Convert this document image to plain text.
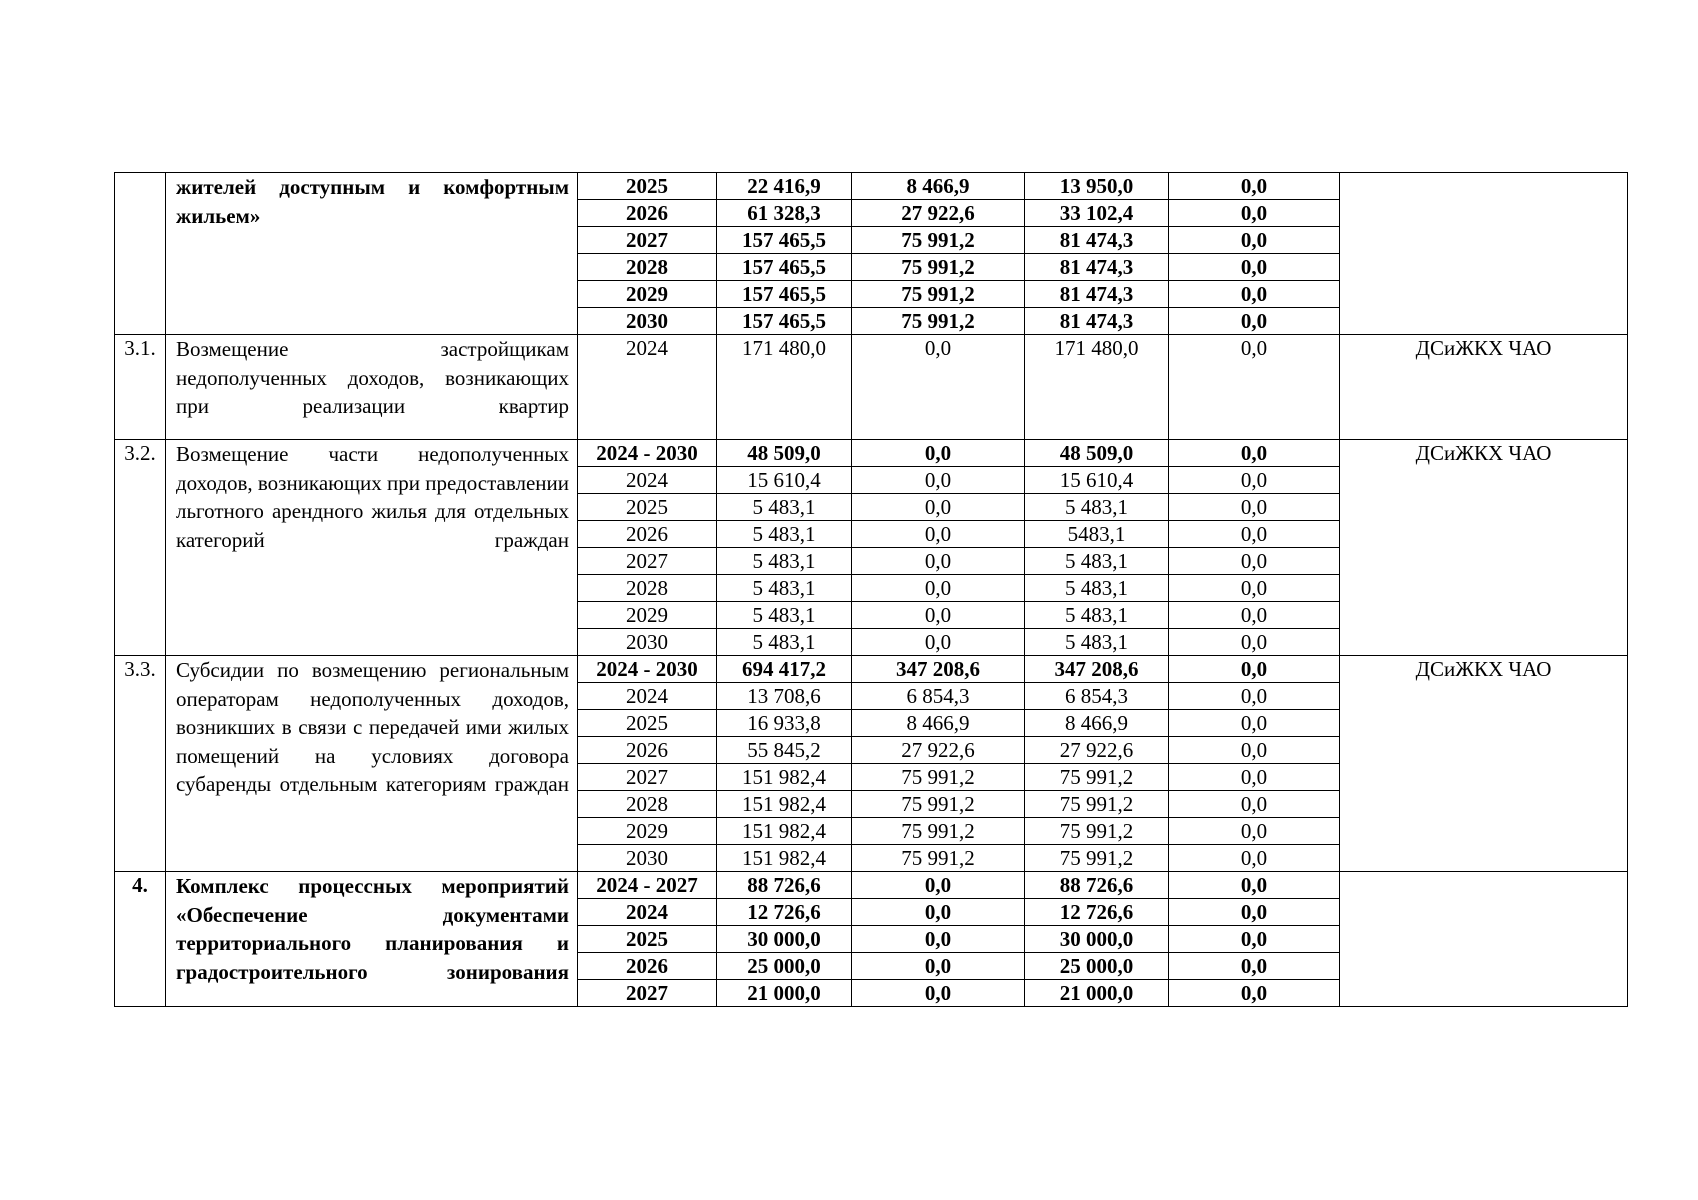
	жителей доступным и комфортным жильем»	2025	22 416,9	8 466,9	13 950,0	0,0	
		2026	61 328,3	27 922,6	33 102,4	0,0	
		2027	157 465,5	75 991,2	81 474,3	0,0	
		2028	157 465,5	75 991,2	81 474,3	0,0	
		2029	157 465,5	75 991,2	81 474,3	0,0	
		2030	157 465,5	75 991,2	81 474,3	0,0	
3.1.	Возмещение застройщикам недополученных доходов, возникающих при реализации квартир	2024	171 480,0	0,0	171 480,0	0,0	ДСиЖКХ ЧАО

3.2.	Возмещение части недополученных доходов, возникающих при предоставлении льготного арендного жилья для отдельных категорий граждан	2024 - 2030	48 509,0	0,0	48 509,0	0,0	ДСиЖКХ ЧАО
		2024	15 610,4	0,0	15 610,4	0,0	
		2025	5 483,1	0,0	5 483,1	0,0	
		2026	5 483,1	0,0	5483,1	0,0	
		2027	5 483,1	0,0	5 483,1	0,0	
		2028	5 483,1	0,0	5 483,1	0,0	
		2029	5 483,1	0,0	5 483,1	0,0	
		2030	5 483,1	0,0	5 483,1	0,0	
3.3.	Субсидии по возмещению региональным операторам недополученных доходов, возникших в связи с передачей ими жилых помещений на условиях договора субаренды отдельным категориям граждан	2024 - 2030	694 417,2	347 208,6	347 208,6	0,0	ДСиЖКХ ЧАО
		2024	13 708,6	6 854,3	6 854,3	0,0	
		2025	16 933,8	8 466,9	8 466,9	0,0	
		2026	55 845,2	27 922,6	27 922,6	0,0	
		2027	151 982,4	75 991,2	75 991,2	0,0	
		2028	151 982,4	75 991,2	75 991,2	0,0	
		2029	151 982,4	75 991,2	75 991,2	0,0	
		2030	151 982,4	75 991,2	75 991,2	0,0	
4.	Комплекс процессных мероприятий «Обеспечение документами территориального планирования и градостроительного зонирования	2024 - 2027	88 726,6	0,0	88 726,6	0,0	
		2024	12 726,6	0,0	12 726,6	0,0	
		2025	30 000,0	0,0	30 000,0	0,0	
		2026	25 000,0	0,0	25 000,0	0,0	
		2027	21 000,0	0,0	21 000,0	0,0	
